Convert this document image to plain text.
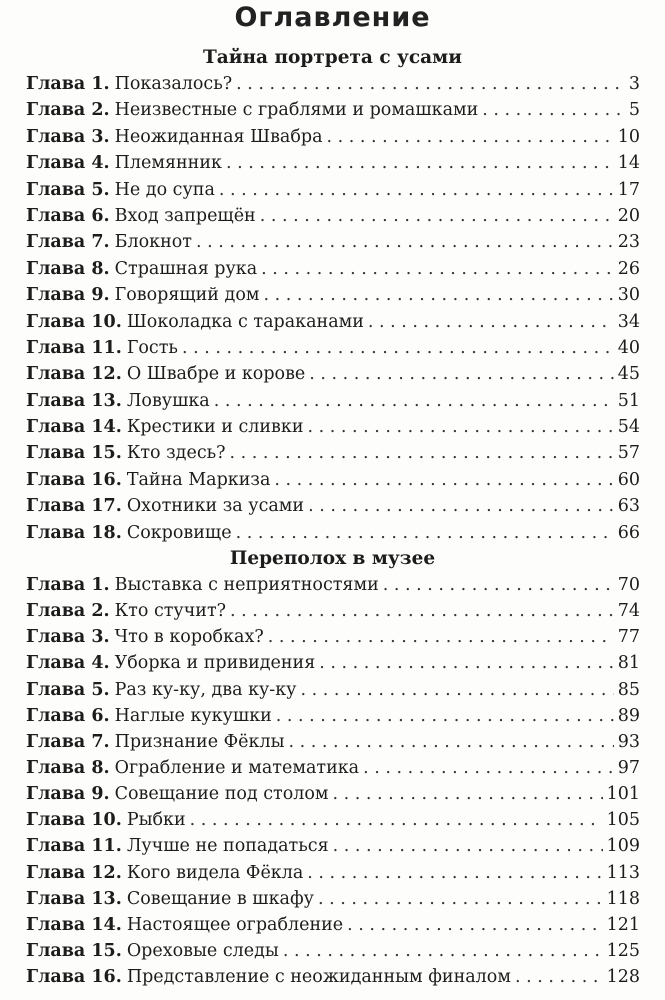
Оглавление
Тайна портрета с усами
Глава 1. Показалось? . . .	3
Глава 2. Неизвестные с граблями и ромашками . . .	5
Глава 3. Неожиданная Швабра . . .	10
Глава 4. Племянник . . .	14
Глава 5. Не до супа . . .	17
Глава 6. Вход запрещён . . .	20
Глава 7. Блокнот . . .	23
Глава 8. Страшная рука . . .	26
Глава 9. Говорящий дом . . .	30
Глава 10. Шоколадка с тараканами . . .	34
Глава 11. Гость . . .	40
Глава 12. О Швабре и корове . . .	45
Глава 13. Ловушка . . .	51
Глава 14. Крестики и сливки . . .	54
Глава 15. Кто здесь? . . .	57
Глава 16. Тайна Маркиза . . .	60
Глава 17. Охотники за усами . . .	63
Глава 18. Сокровище . . .	66
Переполох в музее
Глава 1. Выставка с неприятностями . . .	70
Глава 2. Кто стучит? . . .	74
Глава 3. Что в коробках? . . .	77
Глава 4. Уборка и привидения . . .	81
Глава 5. Раз ку-ку, два ку-ку . . .	85
Глава 6. Наглые кукушки . . .	89
Глава 7. Признание Фёклы . . .	93
Глава 8. Ограбление и математика . . .	97
Глава 9. Совещание под столом . . .	101
Глава 10. Рыбки . . .	105
Глава 11. Лучше не попадаться . . .	109
Глава 12. Кого видела Фёкла . . .	113
Глава 13. Совещание в шкафу . . .	118
Глава 14. Настоящее ограбление . . .	121
Глава 15. Ореховые следы . . .	125
Глава 16. Представление с неожиданным финалом . . .	128
